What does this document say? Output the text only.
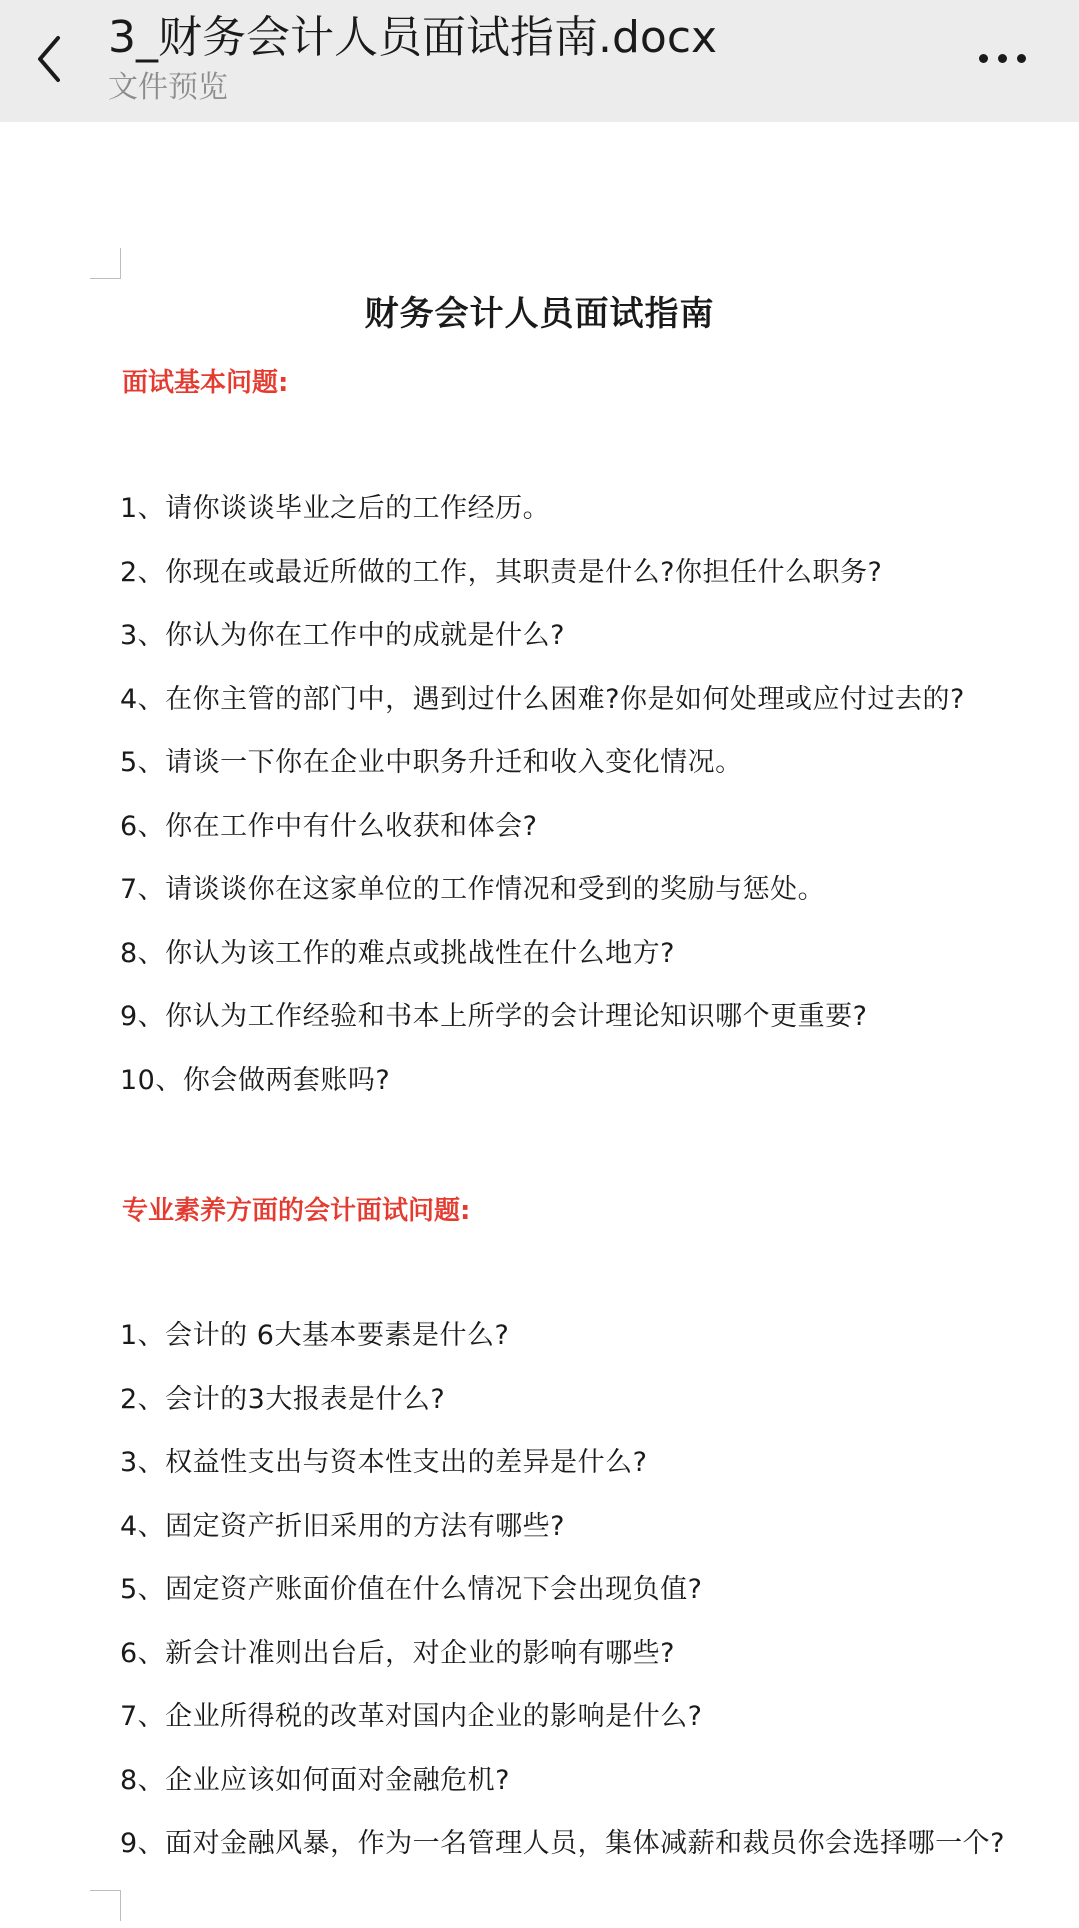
3_财务会计人员面试指南.docx
文件预览
财务会计人员面试指南
面试基本问题:
1、请你谈谈毕业之后的工作经历。
2、你现在或最近所做的工作，其职责是什么?你担任什么职务?
3、你认为你在工作中的成就是什么?
4、在你主管的部门中，遇到过什么困难?你是如何处理或应付过去的?
5、请谈一下你在企业中职务升迁和收入变化情况。
6、你在工作中有什么收获和体会?
7、请谈谈你在这家单位的工作情况和受到的奖励与惩处。
8、你认为该工作的难点或挑战性在什么地方?
9、你认为工作经验和书本上所学的会计理论知识哪个更重要?
10、你会做两套账吗?
专业素养方面的会计面试问题:
1、会计的 6大基本要素是什么?
2、会计的3大报表是什么?
3、权益性支出与资本性支出的差异是什么?
4、固定资产折旧采用的方法有哪些?
5、固定资产账面价值在什么情况下会出现负值?
6、新会计准则出台后，对企业的影响有哪些?
7、企业所得税的改革对国内企业的影响是什么?
8、企业应该如何面对金融危机?
9、面对金融风暴，作为一名管理人员，集体减薪和裁员你会选择哪一个?
